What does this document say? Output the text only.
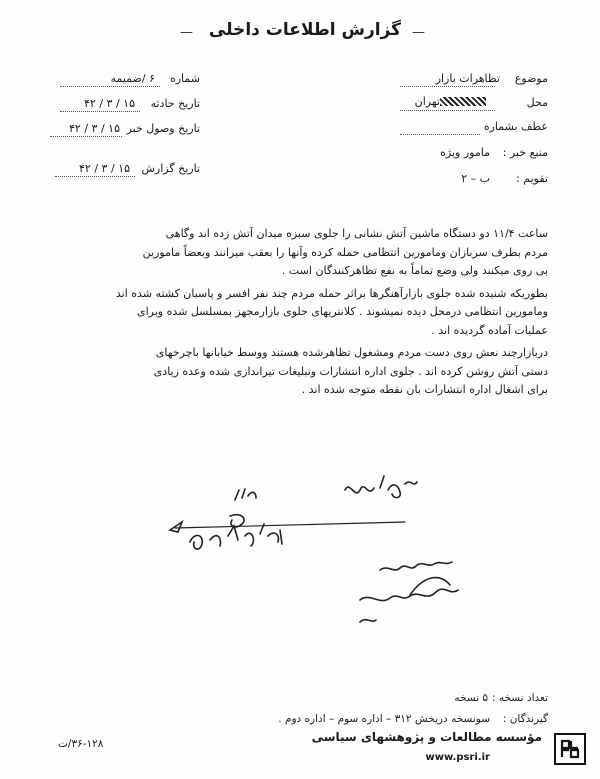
گزارش اطلاعات داخلی
—	—
موضوع
تظاهرات بازار
محل
تهران
عطف بشماره
منبع خبر :
مامور ویژه
تقویم :
ب – ۲
شماره
۶ /ضمیمه
تاریخ حادثه
۱۵ / ۳ / ۴۲
تاریخ وصول خبر
۱۵ / ۳ / ۴۲
تاریخ گزارش
۱۵ / ۳ / ۴۲
ساعت ۱۱/۴ دو دستگاه ماشین آتش نشانی را جلوی سبزه میدان آتش زده اند وگاهی
مردم بطرف سربازان ومامورین انتظامی حمله کرده وآنها را بعقب میرانند وبعضاً مامورین
بی روی میکنند ولی وضع تماماً به نفع تظاهرکنندگان است .
بطوریکه شنیده شده جلوی بازارآهنگرها براثر حمله مردم چند نفر افسر و پاسبان کشته شده اند
ومامورین انتظامی درمحل دیده نمیشوند . کلانتریهای جلوی بازارمجهز بمسلسل شده وبرای
عملیات آماده گردیده اند .
دربازارچند نعش روی دست مردم ومشغول تظاهرشده هستند ووسط خیابانها باچرخهای
دستی آتش روشن کرده اند . جلوی اداره انتشارات وتبلیغات تیراندازی شده وعده زیادی
برای اشغال اداره انتشارات بان نقطه متوجه شده اند .
تعداد نسخه :
۵ نسخه
گیرندگان :
سونسخه دریخش ۳۱۲ – اداره سوم – اداره دوم .
۳۶-۱۲۸/ت	مؤسسه مطالعات و پژوهشهای سیاسی
www.psri.ir
